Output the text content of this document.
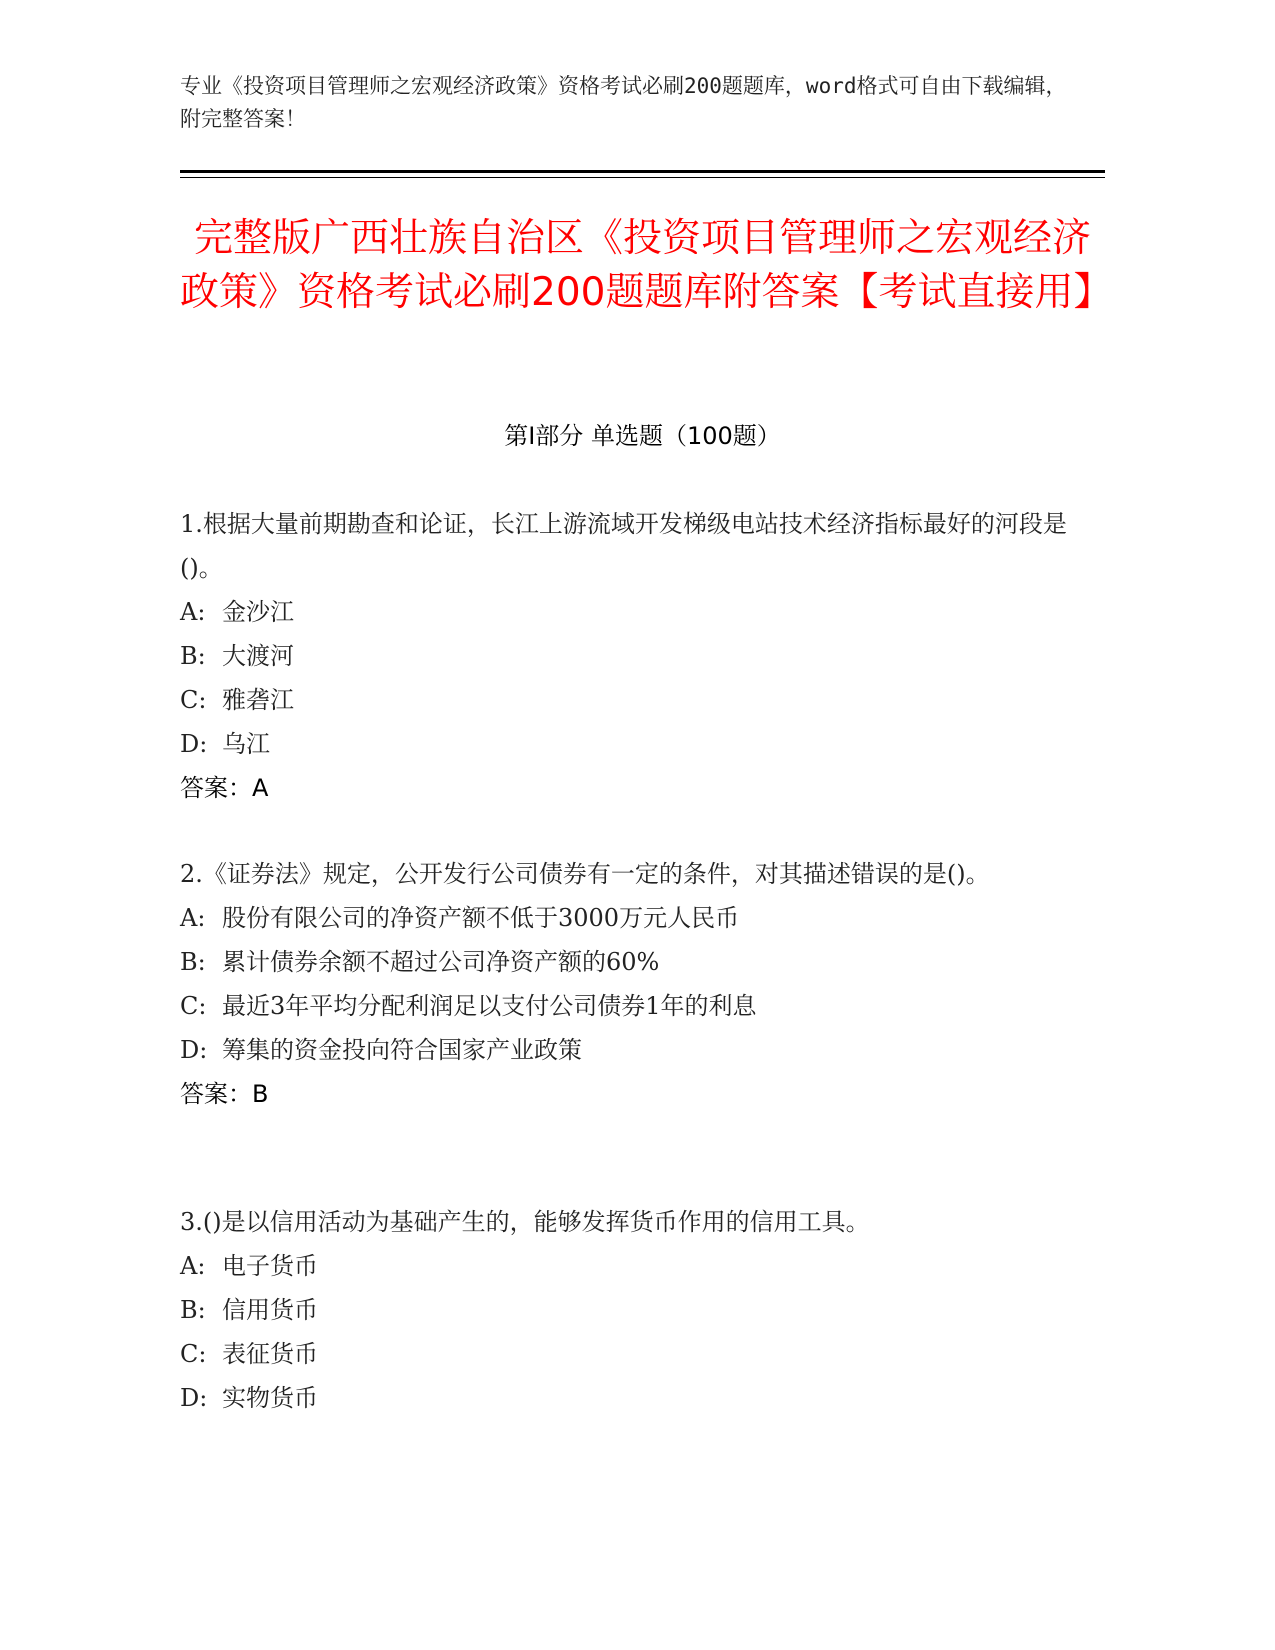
专业《投资项目管理师之宏观经济政策》资格考试必刷200题题库，word格式可自由下载编辑，附完整答案！
完整版广西壮族自治区《投资项目管理师之宏观经济政策》资格考试必刷200题题库附答案【考试直接用】
第Ⅰ部分 单选题（100题）
1.根据大量前期勘查和论证，长江上游流域开发梯级电站技术经济指标最好的河段是()。
A: 金沙江
B: 大渡河
C: 雅砻江
D: 乌江
答案：A
2.《证券法》规定，公开发行公司债券有一定的条件，对其描述错误的是()。
A: 股份有限公司的净资产额不低于3000万元人民币
B: 累计债券余额不超过公司净资产额的60%
C: 最近3年平均分配利润足以支付公司债券1年的利息
D: 筹集的资金投向符合国家产业政策
答案：B
3.()是以信用活动为基础产生的，能够发挥货币作用的信用工具。
A: 电子货币
B: 信用货币
C: 表征货币
D: 实物货币
